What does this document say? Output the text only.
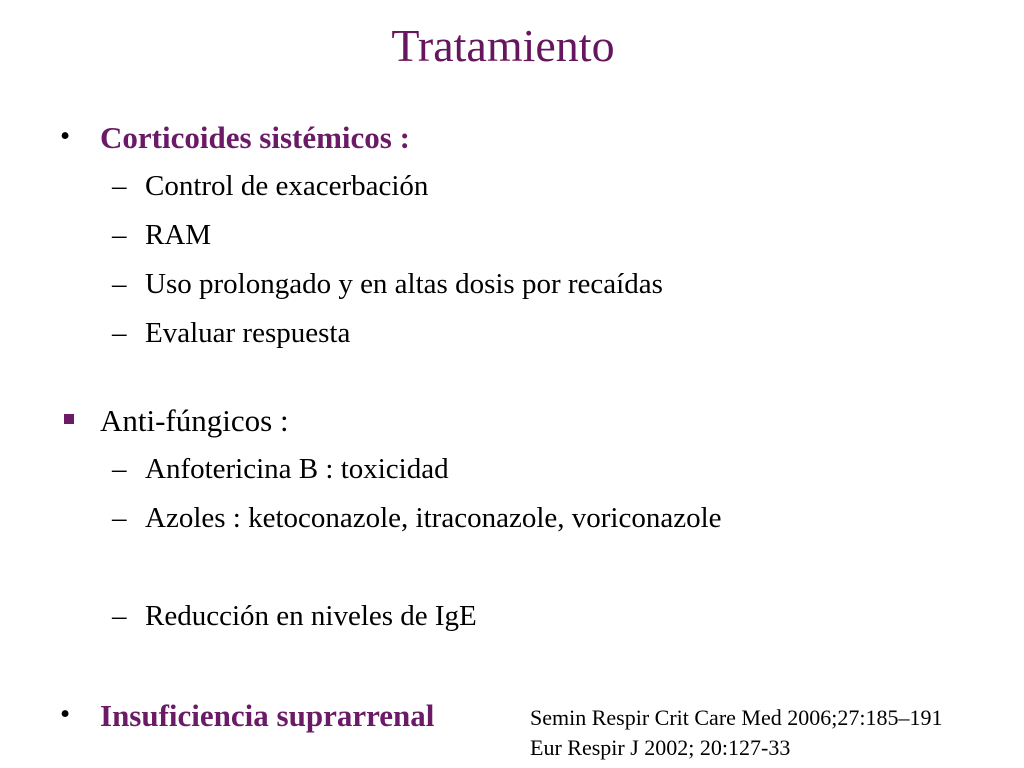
Tratamiento
• Corticoides sistémicos :
– Control de exacerbación
– RAM
– Uso prolongado y en altas dosis por recaídas
– Evaluar respuesta
Anti-fúngicos :
– Anfotericina B : toxicidad
– Azoles : ketoconazole, itraconazole, voriconazole
– Reducción en niveles de IgE
• Insuficiencia suprarrenal	Semin Respir Crit Care Med 2006;27:185–191
Eur Respir J 2002; 20:127-33
